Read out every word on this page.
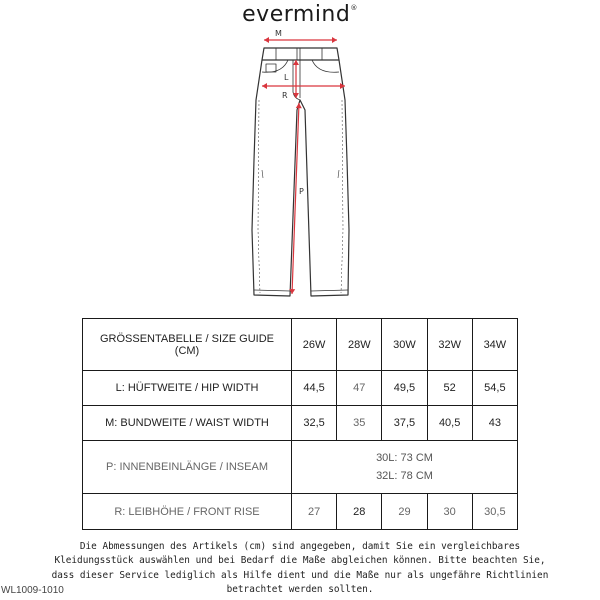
evermind®
M
L
R
P
GRÖSSENTABELLE / SIZE GUIDE (CM)	26W	28W	30W	32W	34W
L: HÜFTWEITE / HIP WIDTH	44,5	47	49,5	52	54,5
M: BUNDWEITE / WAIST WIDTH	32,5	35	37,5	40,5	43
P: INNENBEINLÄNGE / INSEAM	30L: 73 CM
32L: 78 CM				

R: LEIBHÖHE / FRONT RISE	27	28	29	30	30,5
Die Abmessungen des Artikels (cm) sind angegeben, damit Sie ein vergleichbares Kleidungsstück auswählen und bei Bedarf die Maße abgleichen können. Bitte beachten Sie, dass dieser Service lediglich als Hilfe dient und die Maße nur als ungefähre Richtlinien betrachtet werden sollten.
WL1009-1010
